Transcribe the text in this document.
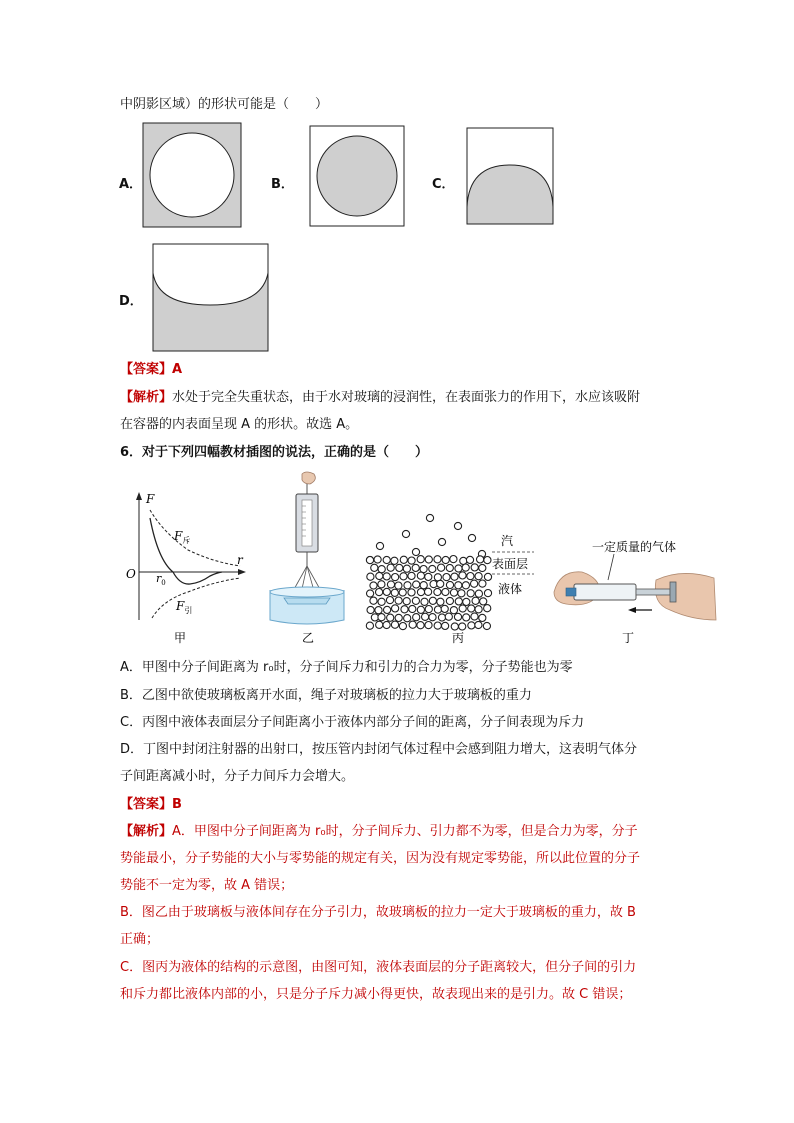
中阴影区域）的形状可能是（　　）
A．	B．	C．
D．
【答案】A
【解析】水处于完全失重状态，由于水对玻璃的浸润性，在表面张力的作用下，水应该吸附
在容器的内表面呈现 A 的形状。故选 A。
6．对于下列四幅教材插图的说法，正确的是（　　）
F
r
O
$F_斥$
$F_引$
$r_0$
甲	乙
汽
表面层
液体
丙
一定质量的气体
丁
A．甲图中分子间距离为 r₀时，分子间斥力和引力的合力为零，分子势能也为零
B．乙图中欲使玻璃板离开水面，绳子对玻璃板的拉力大于玻璃板的重力
C．丙图中液体表面层分子间距离小于液体内部分子间的距离，分子间表现为斥力
D．丁图中封闭注射器的出射口，按压管内封闭气体过程中会感到阻力增大，这表明气体分
子间距离减小时，分子力间斥力会增大。
【答案】B
【解析】A．甲图中分子间距离为 r₀时，分子间斥力、引力都不为零，但是合力为零，分子
势能最小，分子势能的大小与零势能的规定有关，因为没有规定零势能，所以此位置的分子
势能不一定为零，故 A 错误；
B．图乙由于玻璃板与液体间存在分子引力，故玻璃板的拉力一定大于玻璃板的重力，故 B
正确；
C．图丙为液体的结构的示意图，由图可知，液体表面层的分子距离较大，但分子间的引力
和斥力都比液体内部的小，只是分子斥力减小得更快，故表现出来的是引力。故 C 错误；
